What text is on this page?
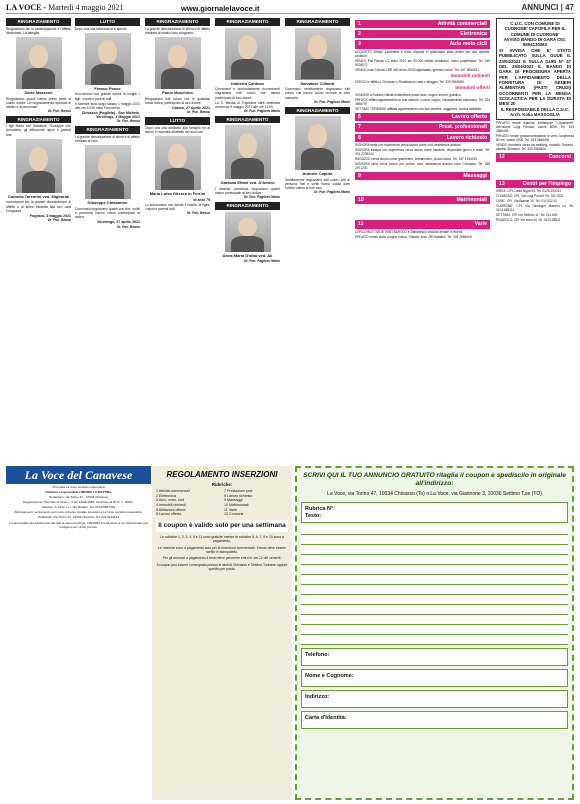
LA VOCE - Martedì 4 maggio 2021	www.giornalelavoce.it	ANNUNCI | 47
RINGRAZIAMENTO

Ringraziamo per la partecipazione e l'affetto dimostrato. La famiglia.

Dario Mazzone

Ringraziamo quanti hanno preso parte al nostro dolore. Un ringraziamento speciale ai medici e al personale.

Or. Fun. Besso
RINGRAZIAMENTO

I figli Maria con Salvatore, Giuseppe con Antonietta, gli affezionati nipoti e parenti tutti.

Carmela Tarentini ved. Miglioran

riconoscenti per la grande dimostrazione di affetto e di stima tributata alla loro cara Congiunta.

Foglizzo, 3 maggio 2021
Or. Fun. Besso
LUTTO

Dopo una vita laboriosa si è spento

Franco Posse

Annunciano con grande dolore la moglie, i figli, i nipoti e parenti tutti.

Il funerale avrà luogo sabato 1 maggio 2021 alle ore 10.30 nella Parrocchia.

Chivasso (Pogliola) - San Michele, Verolengo, 1 Maggio 2021
Or. Fun. Besso
RINGRAZIAMENTO

La grande dimostrazione di stima e di affetto tributata al caro

Giuseppe Chiavarino

Commossi ringraziano quanti con fiori, scritti e presenza hanno voluto partecipare al dolore.

Verolengo, 27 aprile 2021
Or. Fun. Besso
RINGRAZIAMENTO

La grande dimostrazione di stima e di affetto tributata al nostro caro congiunto.

Paolo Moschino

Ringraziano tutti coloro che in qualsiasi modo hanno partecipato al loro dolore.

Caluso, 27 Aprile 2021
Or. Fun. Besso
LUTTO

Dopo una vita dedicata alla famiglia ed al lavoro è mancata all'affetto dei suoi cari

Maria Luisa Ghezzo in Ferrini
di anni 79

Lo annunciano con dolore il marito, la figlia, i nipoti e parenti tutti.

Or. Fun. Besso
RINGRAZIAMENTO
Umberto Cantone

Commossi e profondamente riconoscenti ringraziano tutti coloro che hanno partecipato al loro dolore.

La S. Messa di Trigesima sarà celebrata domenica 9 maggio 2021 alle ore 11.00.

Or. Fun. Pagliero Mario
RINGRAZIAMENTO
Gaetana Elfani ved. D'Amico

I familiari commossi ringraziano quanti hanno partecipato al loro dolore.

Or. Fun. Pagliero Mario
RINGRAZIAMENTO
Anna Maria D'alba ved. Ali
Or. Fun. Pagliero Mario
RINGRAZIAMENTO
Salvatore Ciliberti

Commossi, sentitamente ringraziano tutti coloro che hanno voluto onorare la cara memoria.

Or. Fun. Pagliero Mario
RINGRAZIAMENTO
Antonio Caputo

Sentitamente ringraziano tutti coloro che di persona, fiori e scritti hanno voluto dare l'ultimo saluto al loro caro.

Or. Fun. Pagliero Mario
1	Attività commerciali
2	Elettronica
3	Auto moto cicli

ACQUISTO Vespa, Lambretta e moto d'epoca in qualunque stato anche per uso ricambi. Amatore.

VENDO Fiat Panda 1.2 anno 2010 km 90.000 ottime condizioni, unico proprietario. Tel. 340 5708072

VENDO moto Honda CBR 600 anno 2005 tagliandata, gomme nuove. Tel. 347 6654321

Immobili richiesti

CERCO in affitto a Chivasso o Rondissone casa o alloggio. Tel. 333 9963080

Immobili offerti

VENDESI a Rosario villetta unifamiliare posto auto, doppio servizi, giardino.

PRIVATO affitta appartamento di due camere, cucina, bagno, riscaldamento autonomo. Tel. 333 4598797

SETTIMO TORINESE affittasi appartamento con due camere, soggiorno, cucina abitabile.

6	Lavoro offerto
7	Prest. professionali
8	Lavoro richiesto

SIGNORA seria con esperienza cerca lavoro come colf, assistenza anziani.

SIGNORA italiana con esperienza cerca lavoro come badante, disponibile giorno e notte. Tel. 331 2235304

RAGAZZO cerca lavoro come giardiniere, imbianchino, piccoli lavori. Tel. 347 1784015

SIGNORA seria cerca lavoro per pulizie, stiro, assistenza anziani zona Chivasso. Tel. 388 2971240

9	Massaggi
10	Matrimoniali
11	Varie

CERCO BOTTIGLIE VINO BAROLO e Barbaresco vecchie annate e recenti.

PRIVATO vende stufa a legna marca "Vittoria" euro 250 trattabili. Tel. 333 2566406

C.U.C. CON COMUNE DI CUORGNE' CAPOFILA PER IL COMUNE DI CUORGNE'
AVVISO BANDO DI GARA CIG: 8554130363
SI AVVISA CHE E' STATO PUBBLICATO SULLA GUUE IL 23/04/2021 E SULLA GURI N° 47 DEL 26/04/2021 IL BANDO DI GARA DI PROCEDURA APERTA PER L'AFFIDAMENTO DELLA FORNITURA DI GENERI ALIMENTARI (PASTI CRUDI) OCCORRENTI PER LA MENSA SCOLASTICA PER LA DURATA DI MESI 20
IL RESPONSABILE DELLA C.U.C. Arch. Katia MASSOGLIA

PRIVATO vende diploma, soffiaspole "L'Assisente" dell'ottone Luigi Pomaio, valore 800€. Tel. 333 2566406

PRIVATO vende grossa lampadario in vetro, lunghezza 80 cm, valore 200€. Tel. 333 2566406

VENDO bicicletta corsa da trekking, modello Torpedo, cambio Shimano. Tel. 333 2566406

12	Concorsi
13	Centri per l'impiego

IVREA: CPI Corso Nigra 69, Tel. 0125.253011

CHIVASSO: CPI, Via Luigi Ponti 6 Tel. 011.9131

CIRIE': CPI, Via Biaune 10, Tel. 011.922.11

CUORGNE': CPI, Via Giuseppe Mazzini 14, Tel. 0124.655111

SETTIMO: CPI Via Settimo 11, Tel. 011.800

RIVAROLO: CPI Via Ivrea 40 Tel. 0124.48511

La Voce del Canavese

Proprietà La Voce società cooperativa

Direttore responsabile LIBORIO LA MATTINA

Redazione: via Torino 47 - 10034 Chivasso

Registrazione Tribunale di Ivrea n. 3 del 13/04/1993. Iscrizione al ROC n. 15097.

Stampa: S.T.E.P. s.r.l. Via Rodaro, Tel. 0131/5567200

Abbonamenti: versamento sul conto corrente postale intestato a La Voce società cooperativa.

Pubblicità: Via Torino 47, 10034 Chivasso Tel. 011.9131151

Il responsabile del trattamento dei dati ai sensi del D.lgs. 196/2003 è il Direttore a cui l'interessato può rivolgersi per i diritti previsti.

REGOLAMENTO INSERZIONI
Rubriche:
1 Attività commerciali	7 Prestazioni prof.
2 Elettronica	8 Lavoro richiesto
3 Auto, moto, cicli	9 Massaggi
4 Immobili richiesti	10 Matrimoniali
5 Abitazioni offerte	11 Varie
6 Lavoro offerto	12 Concorsi
Il coupon è valido solo per una settimana

Le rubriche 1, 2, 3, 4, 8 e 11 sono gratuite mentre le rubriche 5, 6, 7, 9 e 10 sono a pagamento.

Le rubriche sono a pagamento solo per le inserzioni commerciali. Il testo deve essere scritto in stampatello.

Per gli annunci a pagamento il testo deve pervenire entro le ore 12 del venerdì.

Il coupon può essere consegnato presso le sedi di Chivasso e Settimo Torinese oppure spedito per posta.

SCRIVI QUI IL TUO ANNUNCIO GRATUITO ritaglia il coupon e spediscilo in originale all'indirizzo:
La Voce, via Torino 47, 10034 Chivasso (To) o La Voce, via Giannone 3, 10036 Settimo T.se (TO)
Rubrica N°:
Testo:
Telefono:
Nome e Cognome:
Indirizzo:
Carta d'Identità:
